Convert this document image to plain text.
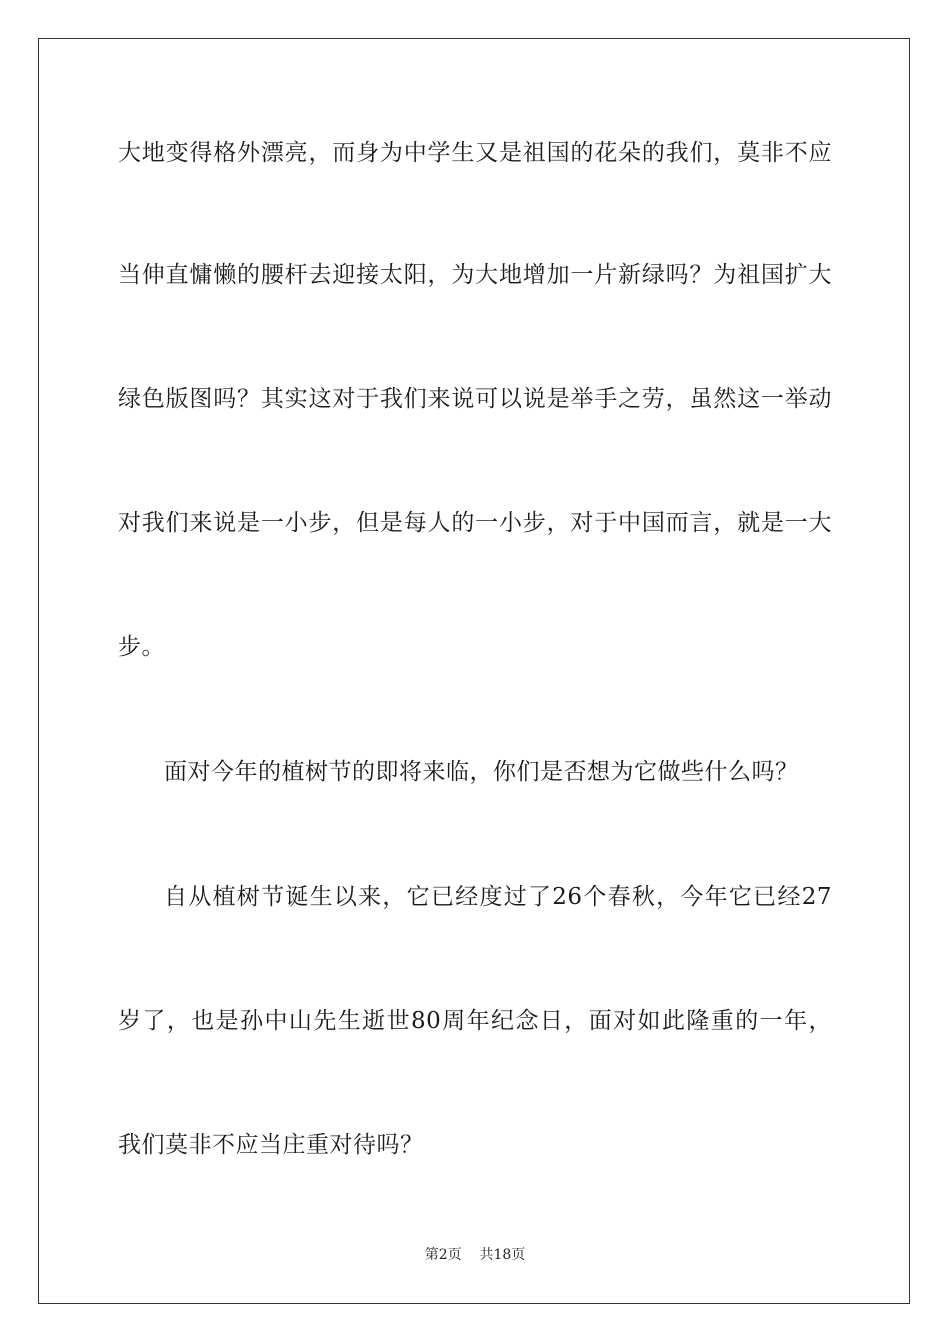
大地变得格外漂亮，而身为中学生又是祖国的花朵的我们，莫非不应
当伸直慵懒的腰杆去迎接太阳，为大地增加一片新绿吗？为祖国扩大
绿色版图吗？其实这对于我们来说可以说是举手之劳，虽然这一举动
对我们来说是一小步，但是每人的一小步，对于中国而言，就是一大
步。
面对今年的植树节的即将来临，你们是否想为它做些什么吗？
自从植树节诞生以来，它已经度过了26个春秋，今年它已经27
岁了，也是孙中山先生逝世80周年纪念日，面对如此隆重的一年，
我们莫非不应当庄重对待吗？
第2页 共18页
